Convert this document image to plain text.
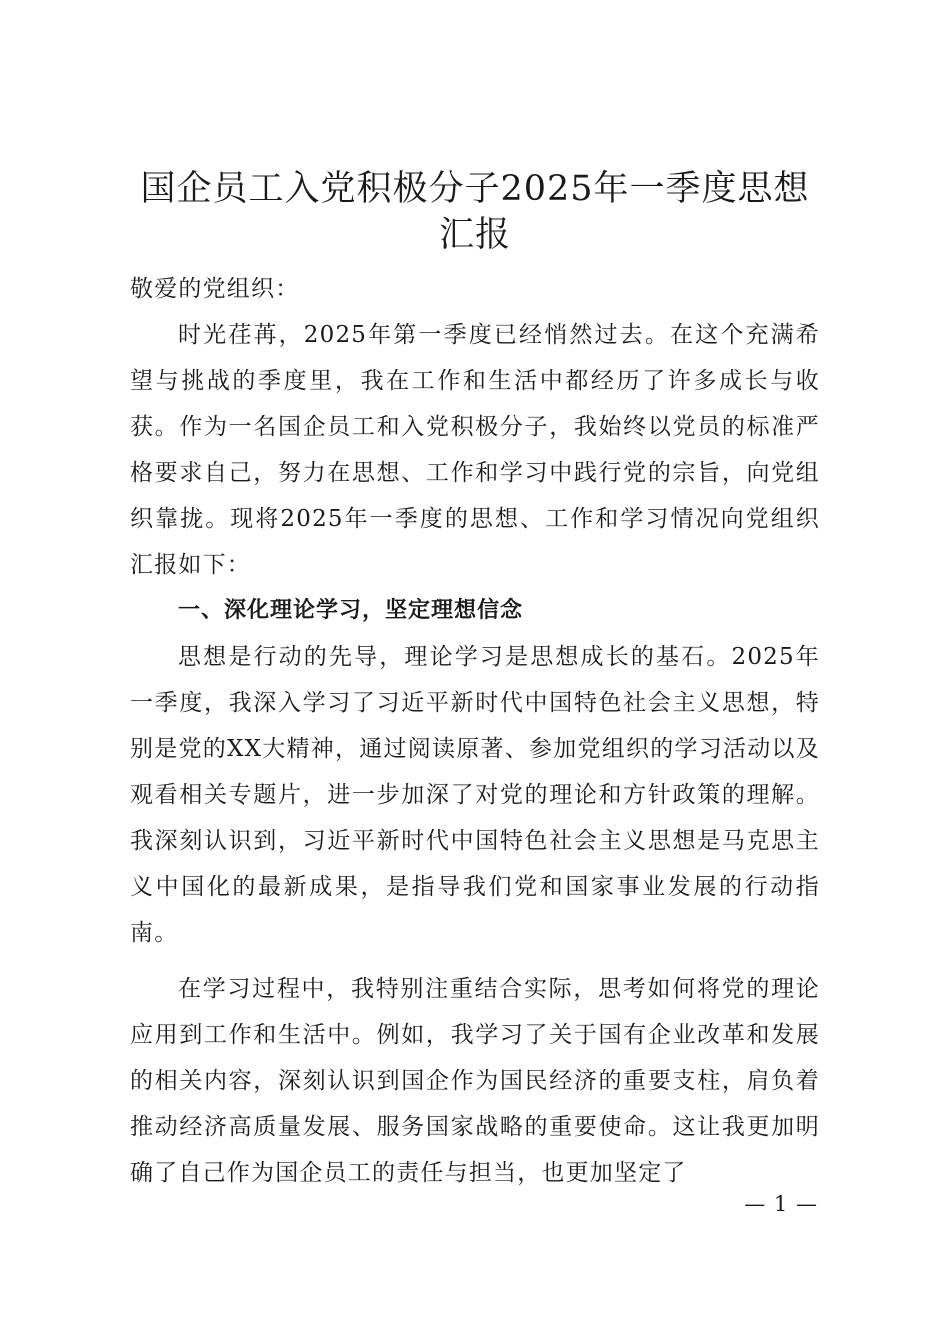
国企员工入党积极分子2025年一季度思想汇报

敬爱的党组织：

时光荏苒，2025年第一季度已经悄然过去。在这个充满希望与挑战的季度里，我在工作和生活中都经历了许多成长与收获。作为一名国企员工和入党积极分子，我始终以党员的标准严格要求自己，努力在思想、工作和学习中践行党的宗旨，向党组织靠拢。现将2025年一季度的思想、工作和学习情况向党组织汇报如下：

一、深化理论学习，坚定理想信念

思想是行动的先导，理论学习是思想成长的基石。2025年一季度，我深入学习了习近平新时代中国特色社会主义思想，特别是党的XX大精神，通过阅读原著、参加党组织的学习活动以及观看相关专题片，进一步加深了对党的理论和方针政策的理解。我深刻认识到，习近平新时代中国特色社会主义思想是马克思主义中国化的最新成果，是指导我们党和国家事业发展的行动指南。

在学习过程中，我特别注重结合实际，思考如何将党的理论应用到工作和生活中。例如，我学习了关于国有企业改革和发展的相关内容，深刻认识到国企作为国民经济的重要支柱，肩负着推动经济高质量发展、服务国家战略的重要使命。这让我更加明确了自己作为国企员工的责任与担当，也更加坚定了

— 1 —
